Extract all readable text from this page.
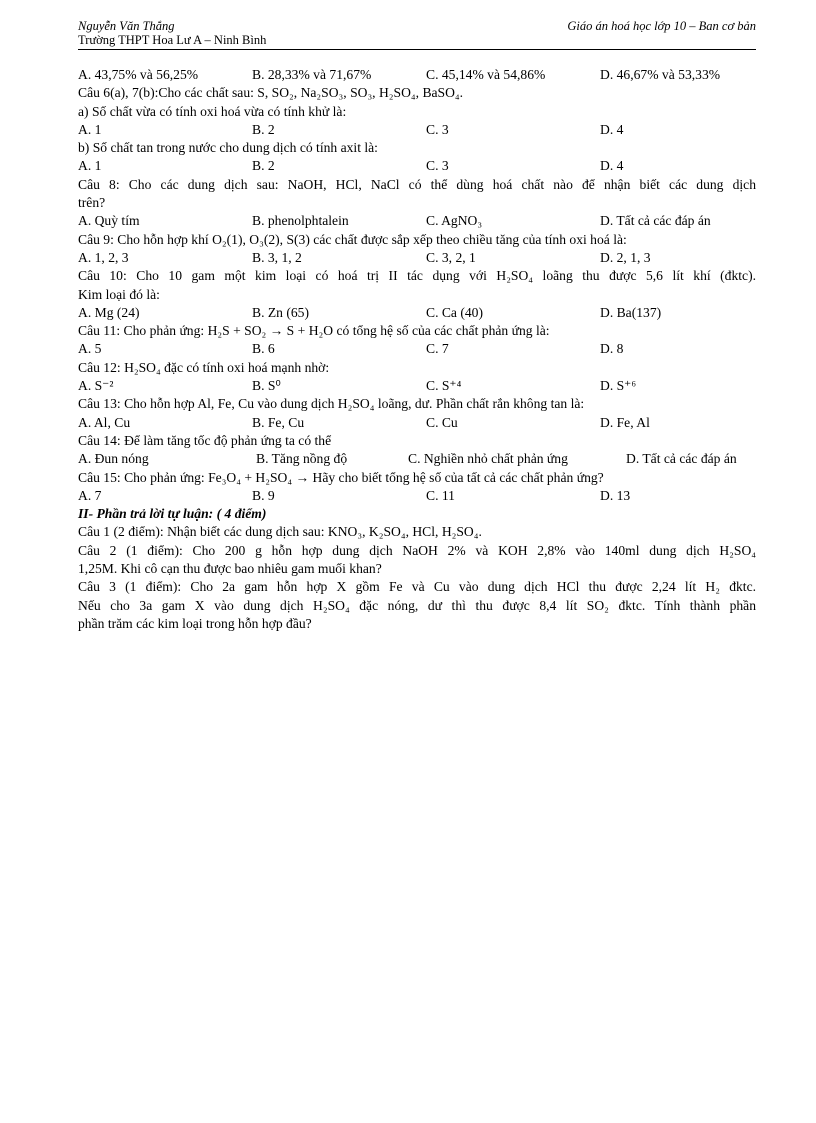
Nguyễn Văn Thắng
Trường THPT Hoa Lư A – Ninh Bình
Giáo án hoá học lớp 10 – Ban cơ bản
A. 43,75% và 56,25%	B. 28,33% và 71,67%	C. 45,14% và 54,86%	D. 46,67% và 53,33%
Câu 6(a), 7(b):Cho các chất sau: S, SO₂, Na₂SO₃, SO₃, H₂SO₄, BaSO₄.
a) Số chất vừa có tính oxi hoá vừa có tính khử là:
A. 1	B. 2	C. 3	D. 4
b) Số chất tan trong nước cho dung dịch có tính axit là:
A. 1	B. 2	C. 3	D. 4
Câu 8: Cho các dung dịch sau: NaOH, HCl, NaCl có thể dùng hoá chất nào để nhận biết các dung dịch
trên?
A. Quỳ tím	B. phenolphtalein	C. AgNO₃	D. Tất cả các đáp án
Câu 9: Cho hỗn hợp khí O₂(1), O₃(2), S(3) các chất được sắp xếp theo chiều tăng của tính oxi hoá là:
A. 1, 2, 3	B. 3, 1, 2	C. 3, 2, 1	D. 2, 1, 3
Câu 10: Cho 10 gam một kim loại có hoá trị II tác dụng với H₂SO₄ loãng thu được 5,6 lít khí (đktc).
Kim loại đó là:
A. Mg (24)	B. Zn (65)	C. Ca (40)	D. Ba(137)
Câu 11: Cho phản ứng: H₂S + SO₂ → S + H₂O có tổng hệ số của các chất phản ứng là:
A. 5	B. 6	C. 7	D. 8
Câu 12: H₂SO₄ đặc có tính oxi hoá mạnh nhờ:
A. S⁻²	B. S⁰	C. S⁺⁴	D. S⁺⁶
Câu 13: Cho hỗn hợp Al, Fe, Cu vào dung dịch H₂SO₄ loãng, dư. Phần chất rắn không tan là:
A. Al, Cu	B. Fe, Cu	C. Cu	D. Fe, Al
Câu 14: Để làm tăng tốc độ phản ứng ta có thể
A. Đun nóng	B. Tăng nồng độ	C. Nghiền nhỏ chất phản ứng	D. Tất cả các đáp án
Câu 15: Cho phản ứng: Fe₃O₄ + H₂SO₄ → Hãy cho biết tổng hệ số của tất cả các chất phản ứng?
A. 7	B. 9	C. 11	D. 13
II- Phần trả lời tự luận: ( 4 điểm)
Câu 1 (2 điểm): Nhận biết các dung dịch sau: KNO₃, K₂SO₄, HCl, H₂SO₄.
Câu 2 (1 điểm): Cho 200 g hỗn hợp dung dịch NaOH 2% và KOH 2,8% vào 140ml dung dịch H₂SO₄
1,25M. Khi cô cạn thu được bao nhiêu gam muối khan?
Câu 3 (1 điểm): Cho 2a gam hỗn hợp X gồm Fe và Cu vào dung dịch HCl thu được 2,24 lít H₂ đktc.
Nếu cho 3a gam X vào dung dịch H₂SO₄ đặc nóng, dư thì thu được 8,4 lít SO₂ đktc. Tính thành phần
phần trăm các kim loại trong hỗn hợp đầu?
